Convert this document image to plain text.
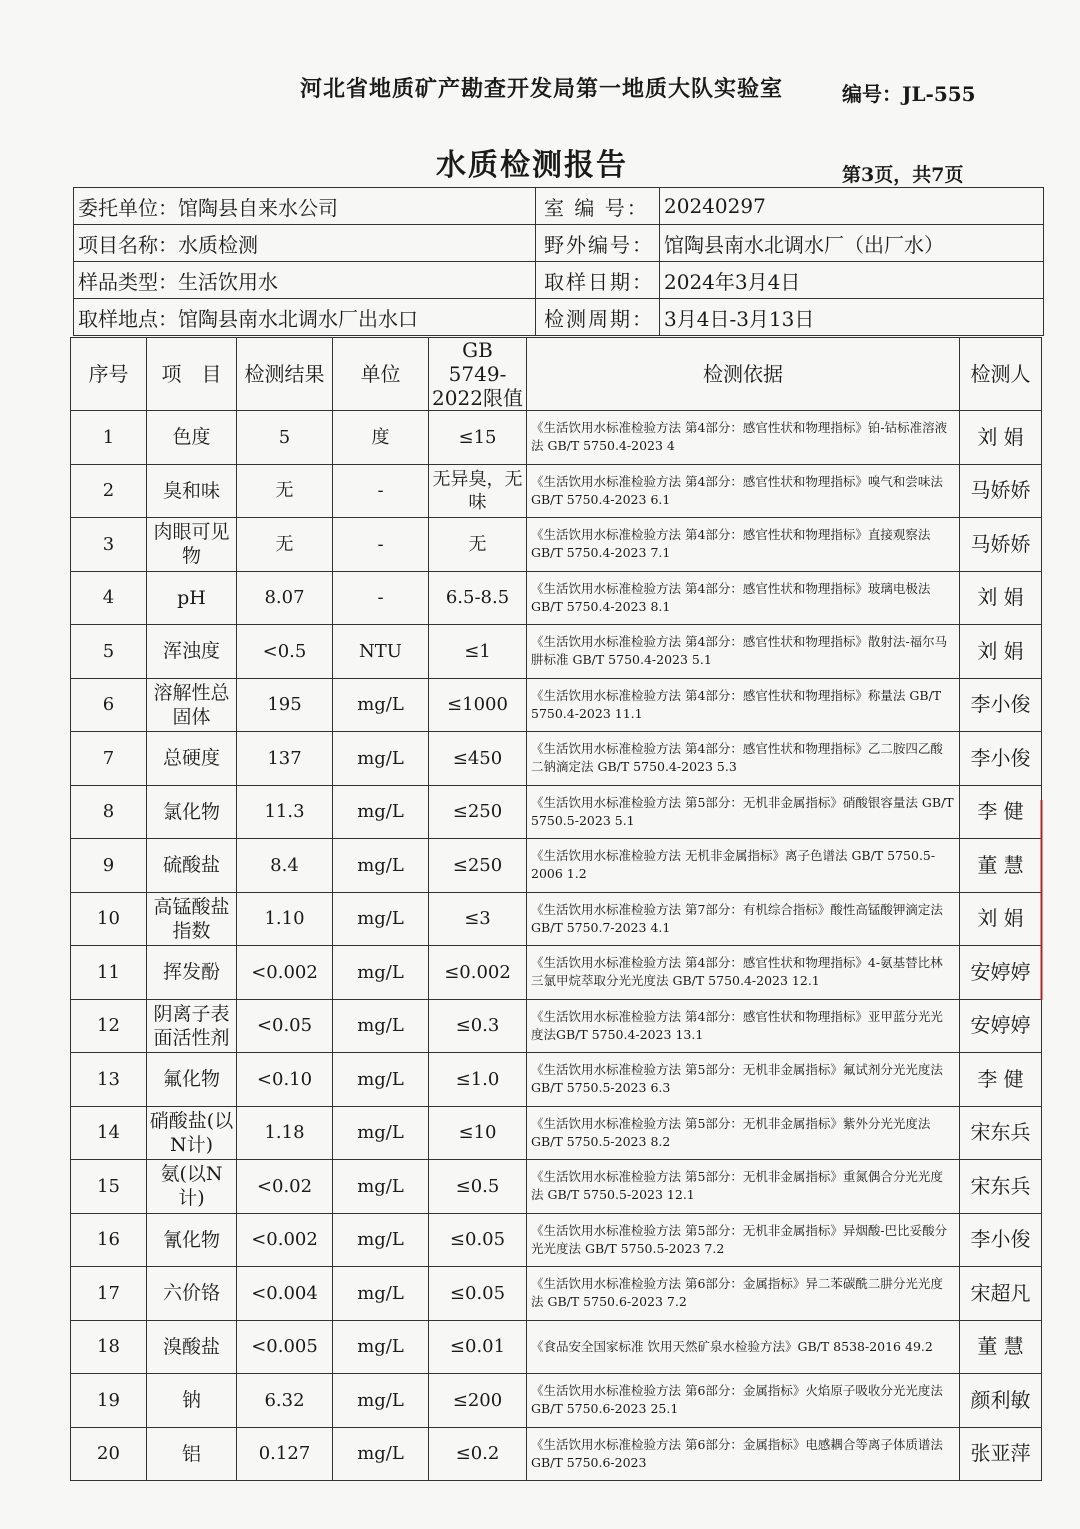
河北省地质矿产勘查开发局第一地质大队实验室	编号：JL-555
水质检测报告	第3页，共7页
委托单位：馆陶县自来水公司	室 编 号：	20240297
项目名称：水质检测	野外编号：	馆陶县南水北调水厂（出厂水）
样品类型：生活饮用水	取样日期：	2024年3月4日
取样地点：馆陶县南水北调水厂出水口	检测周期：	3月4日-3月13日
序号	项　目	检测结果	单位	GB 5749-2022限值	检测依据	检测人
1	色度	5	度	≤15	《生活饮用水标准检验方法 第4部分：感官性状和物理指标》铂-钴标准溶液法 GB/T 5750.4-2023 4	刘 娟
2	臭和味	无	-	无异臭，无味	《生活饮用水标准检验方法 第4部分：感官性状和物理指标》嗅气和尝味法 GB/T 5750.4-2023 6.1	马娇娇
3	肉眼可见物	无	-	无	《生活饮用水标准检验方法 第4部分：感官性状和物理指标》直接观察法 GB/T 5750.4-2023 7.1	马娇娇
4	pH	8.07	-	6.5-8.5	《生活饮用水标准检验方法 第4部分：感官性状和物理指标》玻璃电极法 GB/T 5750.4-2023 8.1	刘 娟
5	浑浊度	<0.5	NTU	≤1	《生活饮用水标准检验方法 第4部分：感官性状和物理指标》散射法-福尔马肼标准 GB/T 5750.4-2023 5.1	刘 娟
6	溶解性总固体	195	mg/L	≤1000	《生活饮用水标准检验方法 第4部分：感官性状和物理指标》称量法 GB/T 5750.4-2023 11.1	李小俊
7	总硬度	137	mg/L	≤450	《生活饮用水标准检验方法 第4部分：感官性状和物理指标》乙二胺四乙酸二钠滴定法 GB/T 5750.4-2023 5.3	李小俊
8	氯化物	11.3	mg/L	≤250	《生活饮用水标准检验方法 第5部分：无机非金属指标》硝酸银容量法 GB/T 5750.5-2023 5.1	李 健
9	硫酸盐	8.4	mg/L	≤250	《生活饮用水标准检验方法 无机非金属指标》离子色谱法 GB/T 5750.5-2006 1.2	董 慧
10	高锰酸盐指数	1.10	mg/L	≤3	《生活饮用水标准检验方法 第7部分：有机综合指标》酸性高锰酸钾滴定法 GB/T 5750.7-2023 4.1	刘 娟
11	挥发酚	<0.002	mg/L	≤0.002	《生活饮用水标准检验方法 第4部分：感官性状和物理指标》4-氨基替比林三氯甲烷萃取分光光度法 GB/T 5750.4-2023 12.1	安婷婷
12	阴离子表面活性剂	<0.05	mg/L	≤0.3	《生活饮用水标准检验方法 第4部分：感官性状和物理指标》亚甲蓝分光光度法GB/T 5750.4-2023 13.1	安婷婷
13	氟化物	<0.10	mg/L	≤1.0	《生活饮用水标准检验方法 第5部分：无机非金属指标》氟试剂分光光度法 GB/T 5750.5-2023 6.3	李 健
14	硝酸盐(以N计)	1.18	mg/L	≤10	《生活饮用水标准检验方法 第5部分：无机非金属指标》紫外分光光度法 GB/T 5750.5-2023 8.2	宋东兵
15	氨(以N计)	<0.02	mg/L	≤0.5	《生活饮用水标准检验方法 第5部分：无机非金属指标》重氮偶合分光光度法 GB/T 5750.5-2023 12.1	宋东兵
16	氰化物	<0.002	mg/L	≤0.05	《生活饮用水标准检验方法 第5部分：无机非金属指标》异烟酸-巴比妥酸分光光度法 GB/T 5750.5-2023 7.2	李小俊
17	六价铬	<0.004	mg/L	≤0.05	《生活饮用水标准检验方法 第6部分：金属指标》异二苯碳酰二肼分光光度法 GB/T 5750.6-2023 7.2	宋超凡
18	溴酸盐	<0.005	mg/L	≤0.01	《食品安全国家标准 饮用天然矿泉水检验方法》GB/T 8538-2016 49.2	董 慧
19	钠	6.32	mg/L	≤200	《生活饮用水标准检验方法 第6部分：金属指标》火焰原子吸收分光光度法 GB/T 5750.6-2023 25.1	颜利敏
20	铝	0.127	mg/L	≤0.2	《生活饮用水标准检验方法 第6部分：金属指标》电感耦合等离子体质谱法 GB/T 5750.6-2023	张亚萍
